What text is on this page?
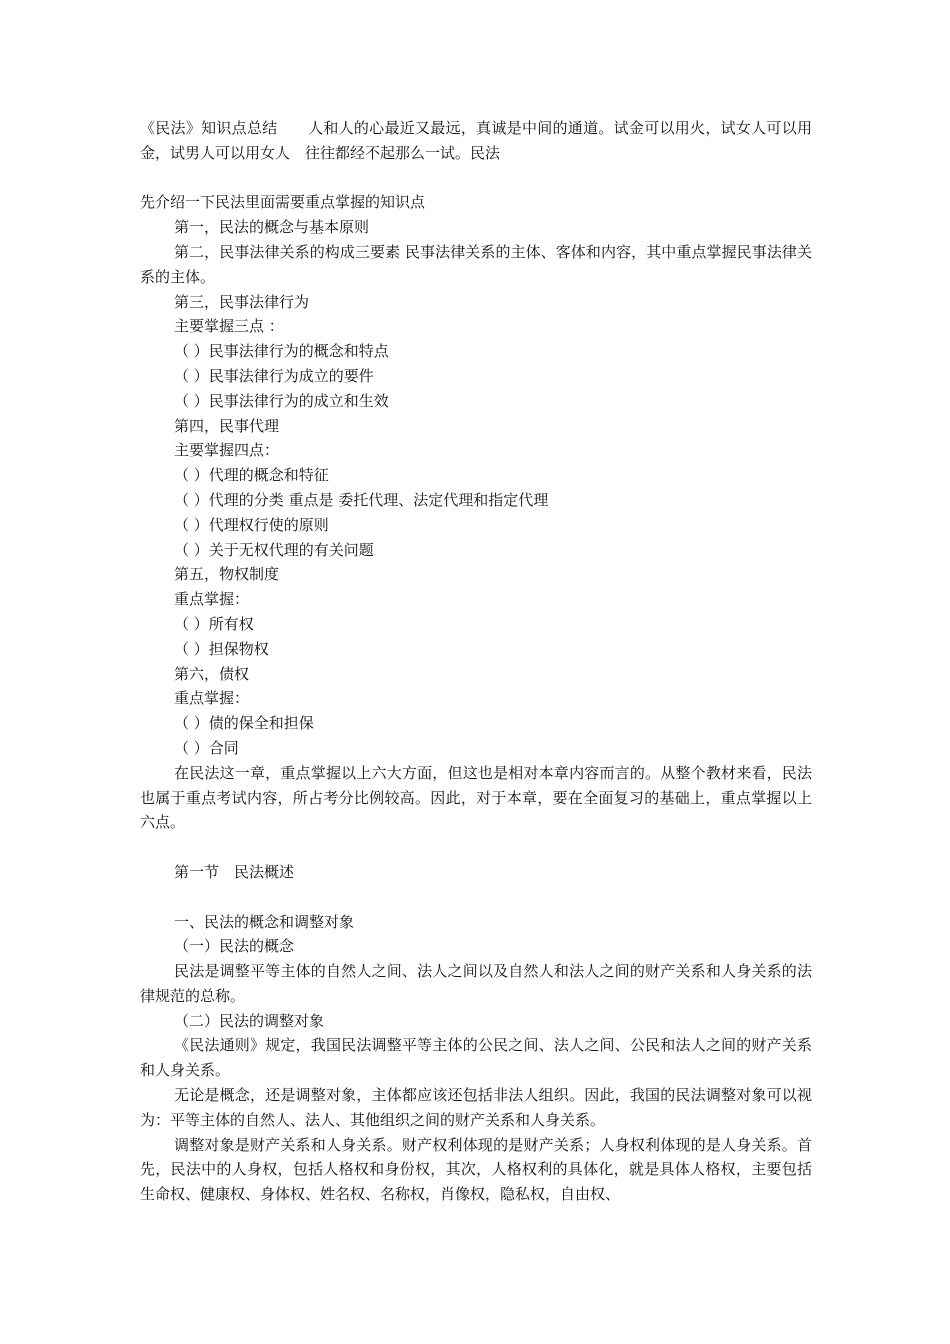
《民法》知识点总结　　人和人的心最近又最远，真诚是中间的通道。试金可以用火，试女人可以用金，试男人可以用女人　往往都经不起那么一试。民法

先介绍一下民法里面需要重点掌握的知识点

第一，民法的概念与基本原则

第二，民事法律关系的构成三要素 民事法律关系的主体、客体和内容，其中重点掌握民事法律关系的主体。

第三，民事法律行为

主要掌握三点 ：

（ ）民事法律行为的概念和特点

（ ）民事法律行为成立的要件

（ ）民事法律行为的成立和生效

第四，民事代理

主要掌握四点：

（ ）代理的概念和特征

（ ）代理的分类 重点是 委托代理、法定代理和指定代理

（ ）代理权行使的原则

（ ）关于无权代理的有关问题

第五，物权制度

重点掌握：

（ ）所有权

（ ）担保物权

第六，债权

重点掌握：

（ ）债的保全和担保

（ ）合同

在民法这一章，重点掌握以上六大方面，但这也是相对本章内容而言的。从整个教材来看，民法也属于重点考试内容，所占考分比例较高。因此，对于本章，要在全面复习的基础上，重点掌握以上六点。

第一节　民法概述

一、民法的概念和调整对象

（一）民法的概念

民法是调整平等主体的自然人之间、法人之间以及自然人和法人之间的财产关系和人身关系的法律规范的总称。

（二）民法的调整对象

《民法通则》规定，我国民法调整平等主体的公民之间、法人之间、公民和法人之间的财产关系和人身关系。

无论是概念，还是调整对象，主体都应该还包括非法人组织。因此，我国的民法调整对象可以视为：平等主体的自然人、法人、其他组织之间的财产关系和人身关系。

调整对象是财产关系和人身关系。财产权利体现的是财产关系；人身权利体现的是人身关系。首先，民法中的人身权，包括人格权和身份权，其次，人格权利的具体化，就是具体人格权，主要包括生命权、健康权、身体权、姓名权、名称权，肖像权，隐私权，自由权、
